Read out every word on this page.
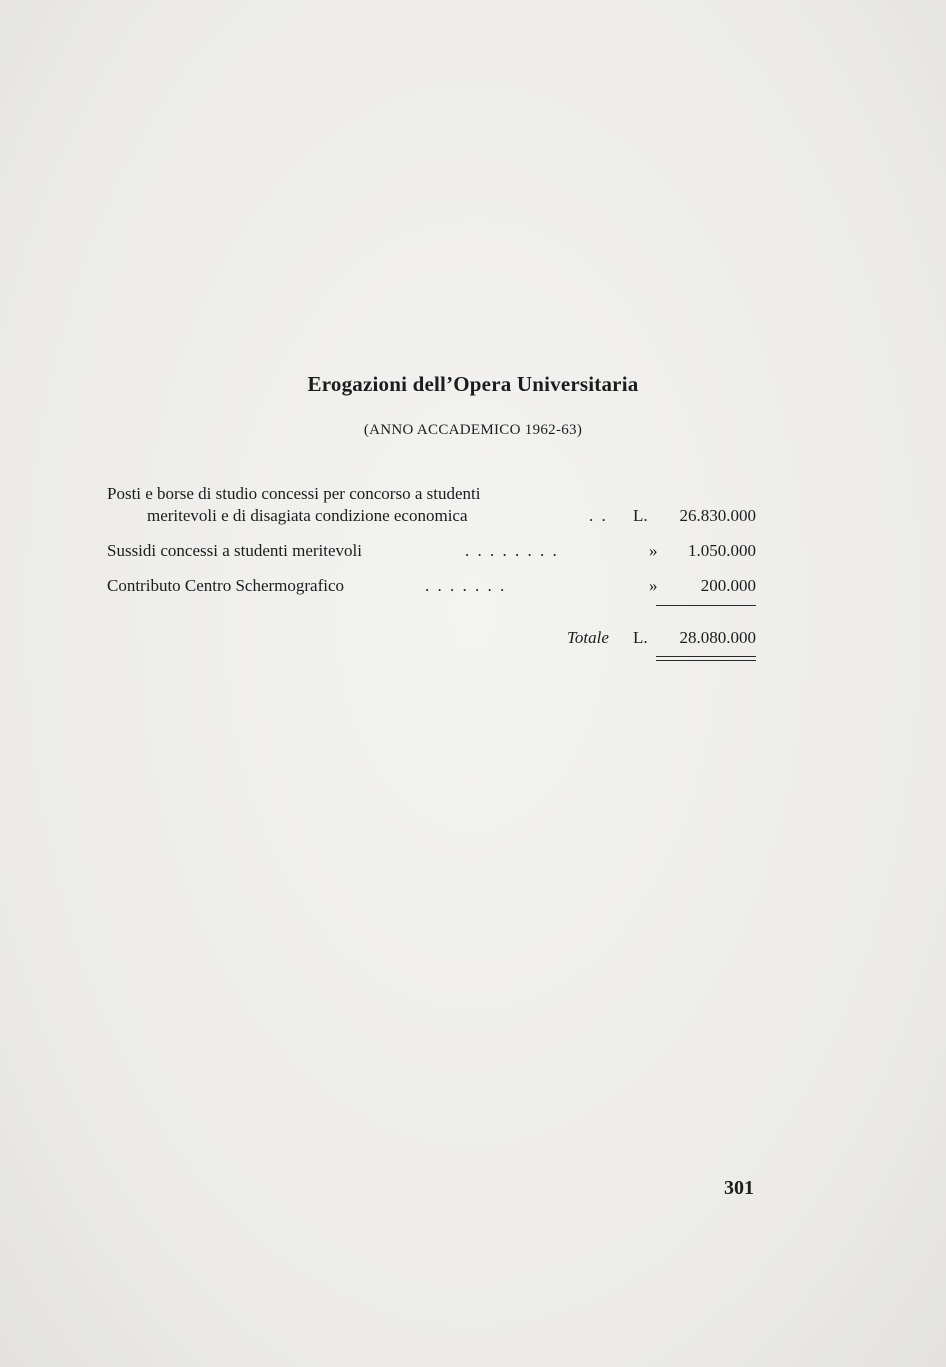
Erogazioni dell’Opera Universitaria
(ANNO ACCADEMICO 1962-63)
Posti e borse di studio concessi per concorso a studenti
meritevoli e di disagiata condizione economica	. . L. 26.830.000
Sussidi concessi a studenti meritevoli	. . . . . . . .	» 1.050.000
Contributo Centro Schermografico	. . . . . . .	»	200.000
Totale L. 28.080.000
301
